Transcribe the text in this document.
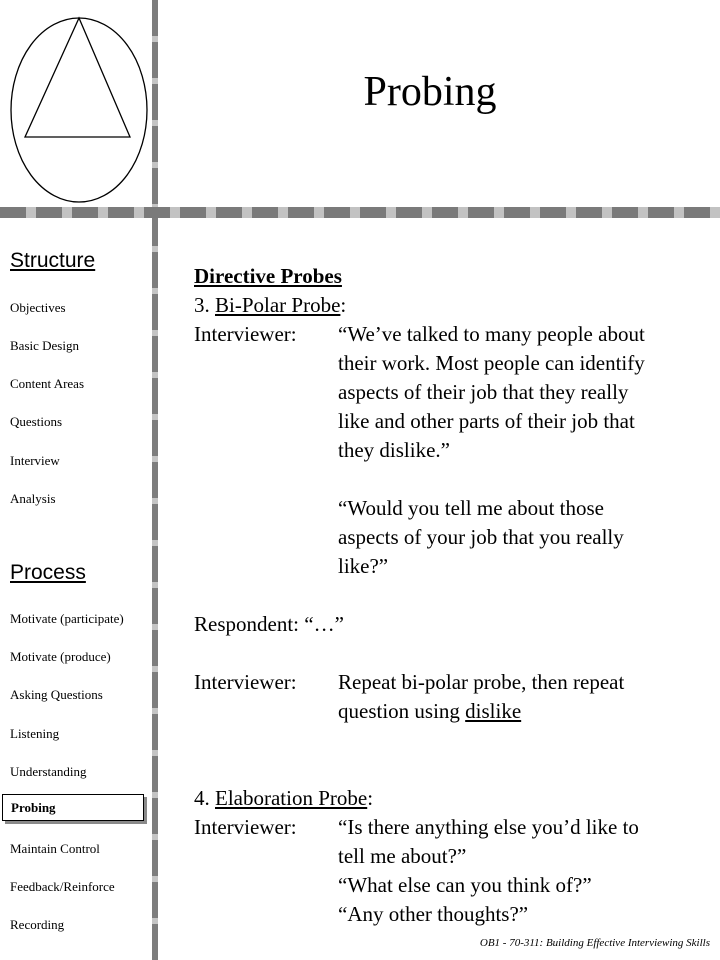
Probing
Structure
Objectives
Basic Design
Content Areas
Questions
Interview
Analysis
Process
Motivate (participate)
Motivate (produce)
Asking Questions
Listening
Understanding
Probing
Maintain Control
Feedback/Reinforce
Recording
Directive Probes
3. Bi-Polar Probe:
Interviewer: “We’ve talked to many people about
their work. Most people can identify
aspects of their job that they really
like and other parts of their job that
they dislike.”
“Would you tell me about those
aspects of your job that you really
like?”
Respondent: “…”
Interviewer: Repeat bi-polar probe, then repeat
question using dislike
4. Elaboration Probe:
Interviewer: “Is there anything else you’d like to
tell me about?”
“What else can you think of?”
“Any other thoughts?”
OB1 - 70-311: Building Effective Interviewing Skills
